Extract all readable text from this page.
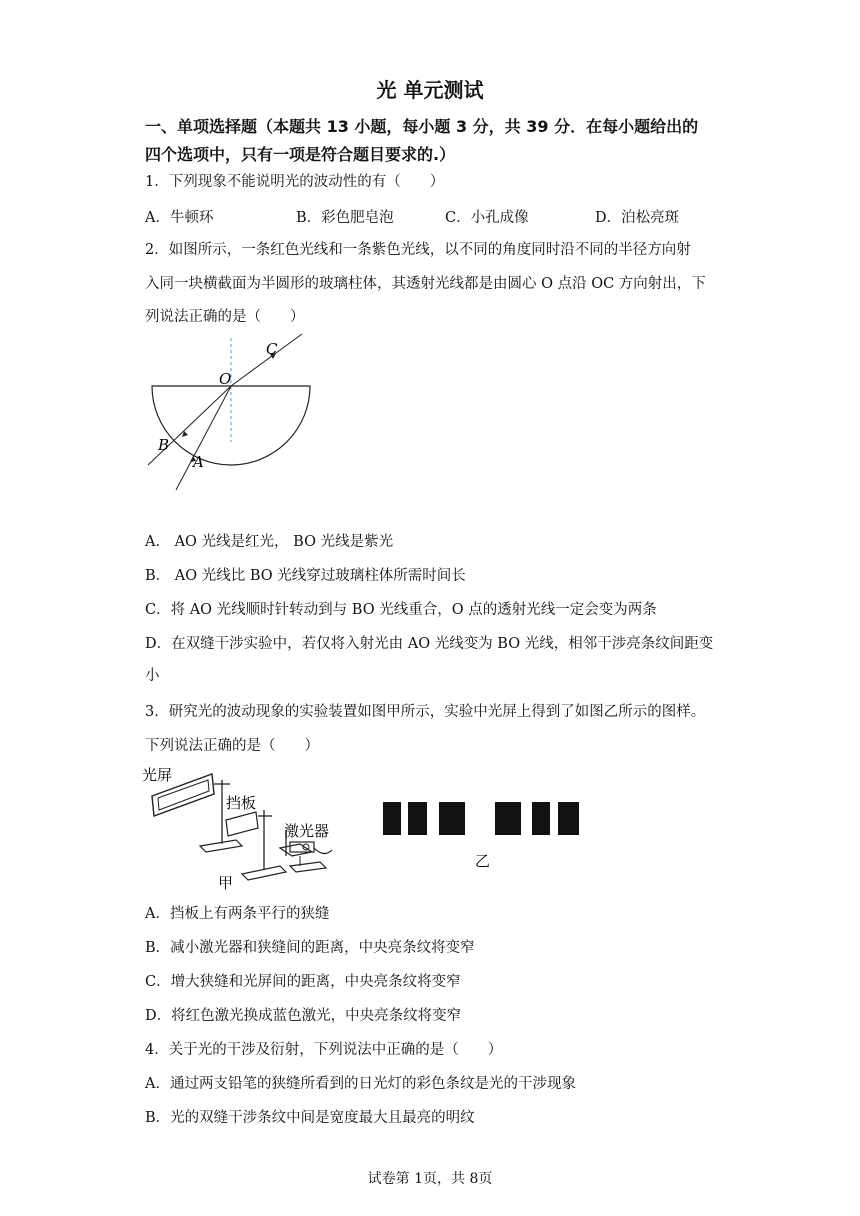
光 单元测试
一、单项选择题（本题共 13 小题，每小题 3 分，共 39 分．在每小题给出的
四个选项中，只有一项是符合题目要求的.）
1．下列现象不能说明光的波动性的有（　　）
A．牛顿环	B．彩色肥皂泡	C．小孔成像	D．泊松亮斑
2．如图所示，一条红色光线和一条紫色光线，以不同的角度同时沿不同的半径方向射
入同一块横截面为半圆形的玻璃柱体，其透射光线都是由圆心 O 点沿 OC 方向射出，下
列说法正确的是（　　）
O
C
B
A
A． AO 光线是红光， BO 光线是紫光
B． AO 光线比 BO 光线穿过玻璃柱体所需时间长
C．将 AO 光线顺时针转动到与 BO 光线重合，O 点的透射光线一定会变为两条
D．在双缝干涉实验中，若仅将入射光由 AO 光线变为 BO 光线，相邻干涉亮条纹间距变
小
3．研究光的波动现象的实验装置如图甲所示，实验中光屏上得到了如图乙所示的图样。
下列说法正确的是（　　）
光屏
挡板
激光器
甲
乙
A．挡板上有两条平行的狭缝
B．减小激光器和狭缝间的距离，中央亮条纹将变窄
C．增大狭缝和光屏间的距离，中央亮条纹将变窄
D．将红色激光换成蓝色激光，中央亮条纹将变窄
4．关于光的干涉及衍射，下列说法中正确的是（　　）
A．通过两支铅笔的狭缝所看到的日光灯的彩色条纹是光的干涉现象
B．光的双缝干涉条纹中间是宽度最大且最亮的明纹
试卷第 1页，共 8页
